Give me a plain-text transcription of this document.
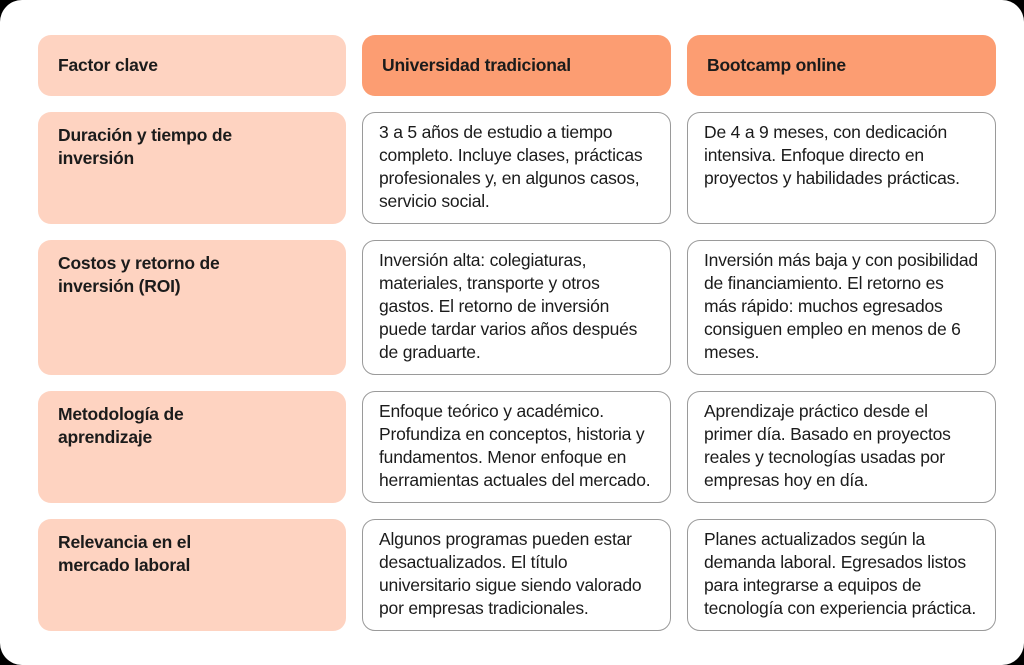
Factor clave	Universidad tradicional	Bootcamp online
Duración y tiempo de inversión
3 a 5 años de estudio a tiempo completo. Incluye clases, prácticas profesionales y, en algunos casos, servicio social.
De 4 a 9 meses, con dedicación intensiva. Enfoque directo en proyectos y habilidades prácticas.
Costos y retorno de inversión (ROI)
Inversión alta: colegiaturas, materiales, transporte y otros gastos. El retorno de inversión puede tardar varios años después de graduarte.
Inversión más baja y con posibilidad de financiamiento. El retorno es más rápido: muchos egresados consiguen empleo en menos de 6 meses.
Metodología de aprendizaje
Enfoque teórico y académico. Profundiza en conceptos, historia y fundamentos. Menor enfoque en herramientas actuales del mercado.
Aprendizaje práctico desde el primer día. Basado en proyectos reales y tecnologías usadas por empresas hoy en día.
Relevancia en el mercado laboral
Algunos programas pueden estar desactualizados. El título universitario sigue siendo valorado por empresas tradicionales.
Planes actualizados según la demanda laboral. Egresados listos para integrarse a equipos de tecnología con experiencia práctica.
